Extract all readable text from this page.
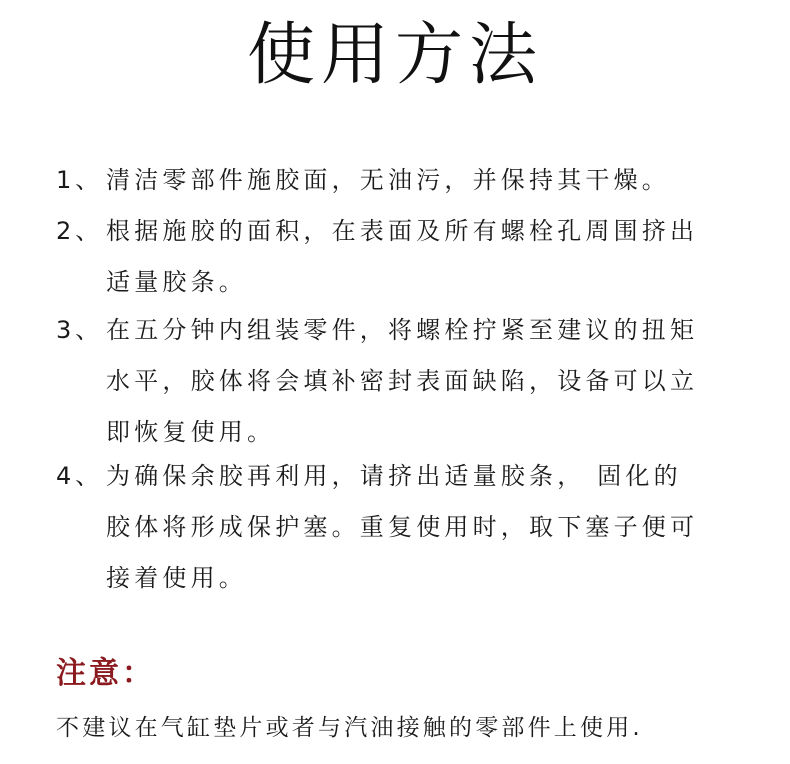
使用方法
1、 清洁零部件施胶面，无油污，并保持其干燥。
2、 根据施胶的面积，在表面及所有螺栓孔周围挤出
适量胶条。
3、 在五分钟内组装零件，将螺栓拧紧至建议的扭矩
水平，胶体将会填补密封表面缺陷，设备可以立
即恢复使用。
4、 为确保余胶再利用，请挤出适量胶条， 固化的
胶体将形成保护塞。重复使用时，取下塞子便可
接着使用。
注意：
不建议在气缸垫片或者与汽油接触的零部件上使用.
